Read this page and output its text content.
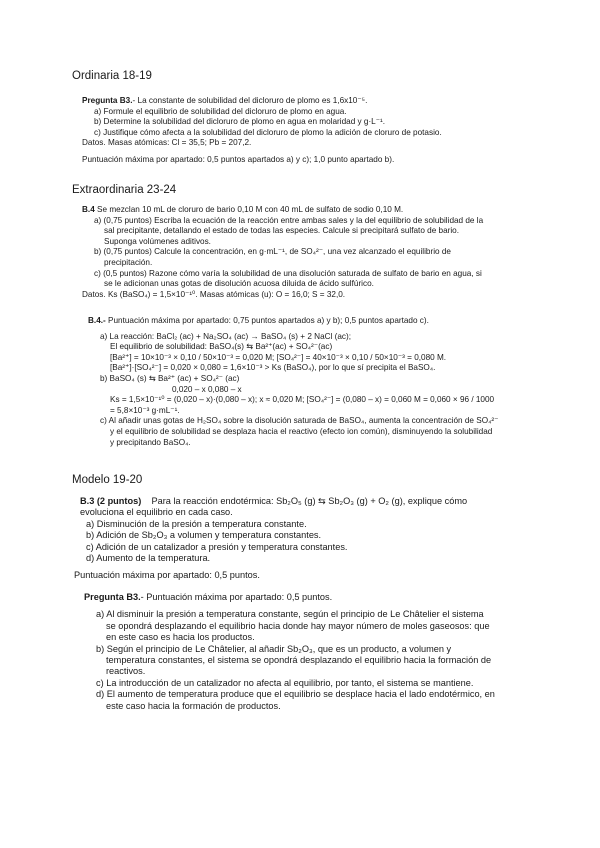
Ordinaria 18-19
Pregunta B3.- La constante de solubilidad del dicloruro de plomo es 1,6x10⁻⁵.
a) Formule el equilibrio de solubilidad del dicloruro de plomo en agua.
b) Determine la solubilidad del dicloruro de plomo en agua en molaridad y g·L⁻¹.
c) Justifique cómo afecta a la solubilidad del dicloruro de plomo la adición de cloruro de potasio.
Datos. Masas atómicas: Cl = 35,5; Pb = 207,2.
Puntuación máxima por apartado: 0,5 puntos apartados a) y c); 1,0 punto apartado b).
Extraordinaria 23-24
B.4 Se mezclan 10 mL de cloruro de bario 0,10 M con 40 mL de sulfato de sodio 0,10 M.
a) (0,75 puntos) Escriba la ecuación de la reacción entre ambas sales y la del equilibrio de solubilidad de la
sal precipitante, detallando el estado de todas las especies. Calcule si precipitará sulfato de bario.
Suponga volúmenes aditivos.
b) (0,75 puntos) Calcule la concentración, en g·mL⁻¹, de SO₄²⁻, una vez alcanzado el equilibrio de
precipitación.
c) (0,5 puntos) Razone cómo varía la solubilidad de una disolución saturada de sulfato de bario en agua, si
se le adicionan unas gotas de disolución acuosa diluida de ácido sulfúrico.
Datos. Ks (BaSO₄) = 1,5×10⁻¹⁰. Masas atómicas (u): O = 16,0; S = 32,0.
B.4.- Puntuación máxima por apartado: 0,75 puntos apartados a) y b); 0,5 puntos apartado c).
a) La reacción: BaCl₂ (ac) + Na₂SO₄ (ac) → BaSO₄ (s) + 2 NaCl (ac);
El equilibrio de solubilidad: BaSO₄(s) ⇆ Ba²⁺(ac) + SO₄²⁻(ac)
[Ba²⁺] = 10×10⁻³ × 0,10 / 50×10⁻³ = 0,020 M; [SO₄²⁻] = 40×10⁻³ × 0,10 / 50×10⁻³ = 0,080 M.
[Ba²⁺]·[SO₄²⁻] = 0,020 × 0,080 = 1,6×10⁻³ > Ks (BaSO₄), por lo que sí precipita el BaSO₄.
b) BaSO₄ (s) ⇆ Ba²⁺ (ac) + SO₄²⁻ (ac)
0,020 – x 0,080 – x
Ks = 1,5×10⁻¹⁰ = (0,020 – x)·(0,080 – x); x ≈ 0,020 M; [SO₄²⁻] = (0,080 – x) = 0,060 M = 0,060 × 96 / 1000
= 5,8×10⁻³ g·mL⁻¹.
c) Al añadir unas gotas de H₂SO₄ sobre la disolución saturada de BaSO₄, aumenta la concentración de SO₄²⁻
y el equilibrio de solubilidad se desplaza hacia el reactivo (efecto ion común), disminuyendo la solubilidad
y precipitando BaSO₄.
Modelo 19-20
B.3 (2 puntos) Para la reacción endotérmica: Sb₂O₅ (g) ⇆ Sb₂O₃ (g) + O₂ (g), explique cómo
evoluciona el equilibrio en cada caso.
a) Disminución de la presión a temperatura constante.
b) Adición de Sb₂O₃ a volumen y temperatura constantes.
c) Adición de un catalizador a presión y temperatura constantes.
d) Aumento de la temperatura.
Puntuación máxima por apartado: 0,5 puntos.
Pregunta B3.- Puntuación máxima por apartado: 0,5 puntos.
a) Al disminuir la presión a temperatura constante, según el principio de Le Châtelier el sistema
se opondrá desplazando el equilibrio hacia donde hay mayor número de moles gaseosos: que
en este caso es hacia los productos.
b) Según el principio de Le Châtelier, al añadir Sb₂O₃, que es un producto, a volumen y
temperatura constantes, el sistema se opondrá desplazando el equilibrio hacia la formación de
reactivos.
c) La introducción de un catalizador no afecta al equilibrio, por tanto, el sistema se mantiene.
d) El aumento de temperatura produce que el equilibrio se desplace hacia el lado endotérmico, en
este caso hacia la formación de productos.
